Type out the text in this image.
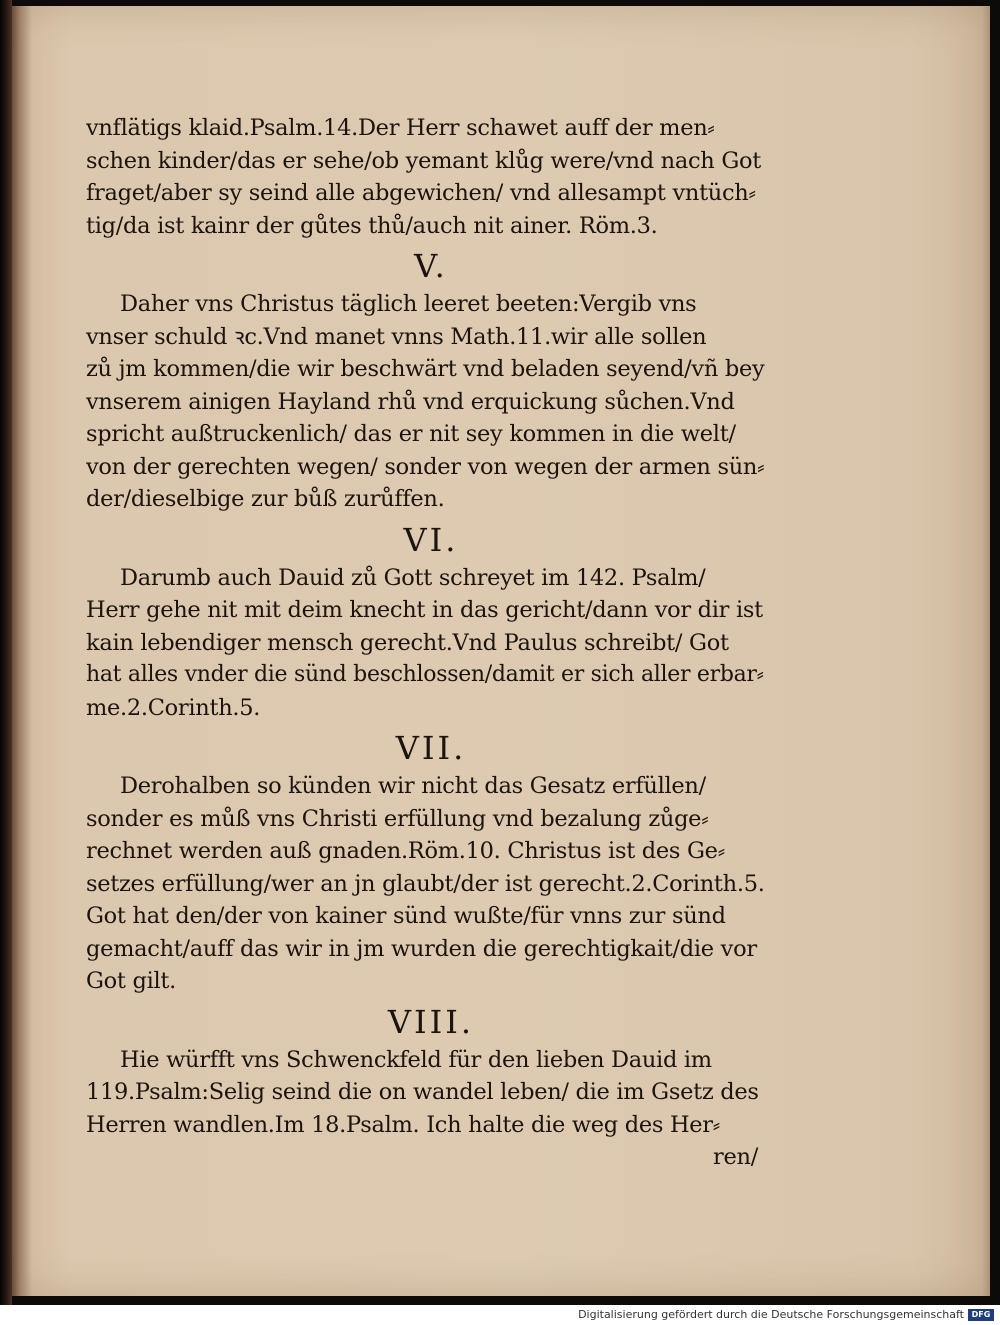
vnflätigs klaid.Psalm.14.Der Herr schawet auff der men⸗
schen kinder/das er sehe/ob yemant klůg were/vnd nach Got
fraget/aber sy seind alle abgewichen/ vnd allesampt vntüch⸗
tig/da ist kainr der gůtes thů/auch nit ainer. Röm.3.

V.

Daher vns Christus täglich leeret beeten:Vergib vns
vnser schuld ꝛc.Vnd manet vnns Math.11.wir alle sollen
zů jm kommen/die wir beschwärt vnd beladen seyend/vñ bey
vnserem ainigen Hayland rhů vnd erquickung sůchen.Vnd
spricht außtruckenlich/ das er nit sey kommen in die welt/
von der gerechten wegen/ sonder von wegen der armen sün⸗
der/dieselbige zur bůß zurůffen.

VI.

Darumb auch Dauid zů Gott schreyet im 142. Psalm/
Herr gehe nit mit deim knecht in das gericht/dann vor dir ist
kain lebendiger mensch gerecht.Vnd Paulus schreibt/ Got
hat alles vnder die sünd beschlossen/damit er sich aller erbar⸗
me.2.Corinth.5.

VII.

Derohalben so künden wir nicht das Gesatz erfüllen/
sonder es můß vns Christi erfüllung vnd bezalung zůge⸗
rechnet werden auß gnaden.Röm.10. Christus ist des Ge⸗
setzes erfüllung/wer an jn glaubt/der ist gerecht.2.Corinth.5.
Got hat den/der von kainer sünd wußte/für vnns zur sünd
gemacht/auff das wir in jm wurden die gerechtigkait/die vor
Got gilt.

VIII.

Hie würfft vns Schwenckfeld für den lieben Dauid im
119.Psalm:Selig seind die on wandel leben/ die im Gsetz des
Herren wandlen.Im 18.Psalm. Ich halte die weg des Her⸗

ren/
Digitalisierung gefördert durch die Deutsche Forschungsgemeinschaft DFG
